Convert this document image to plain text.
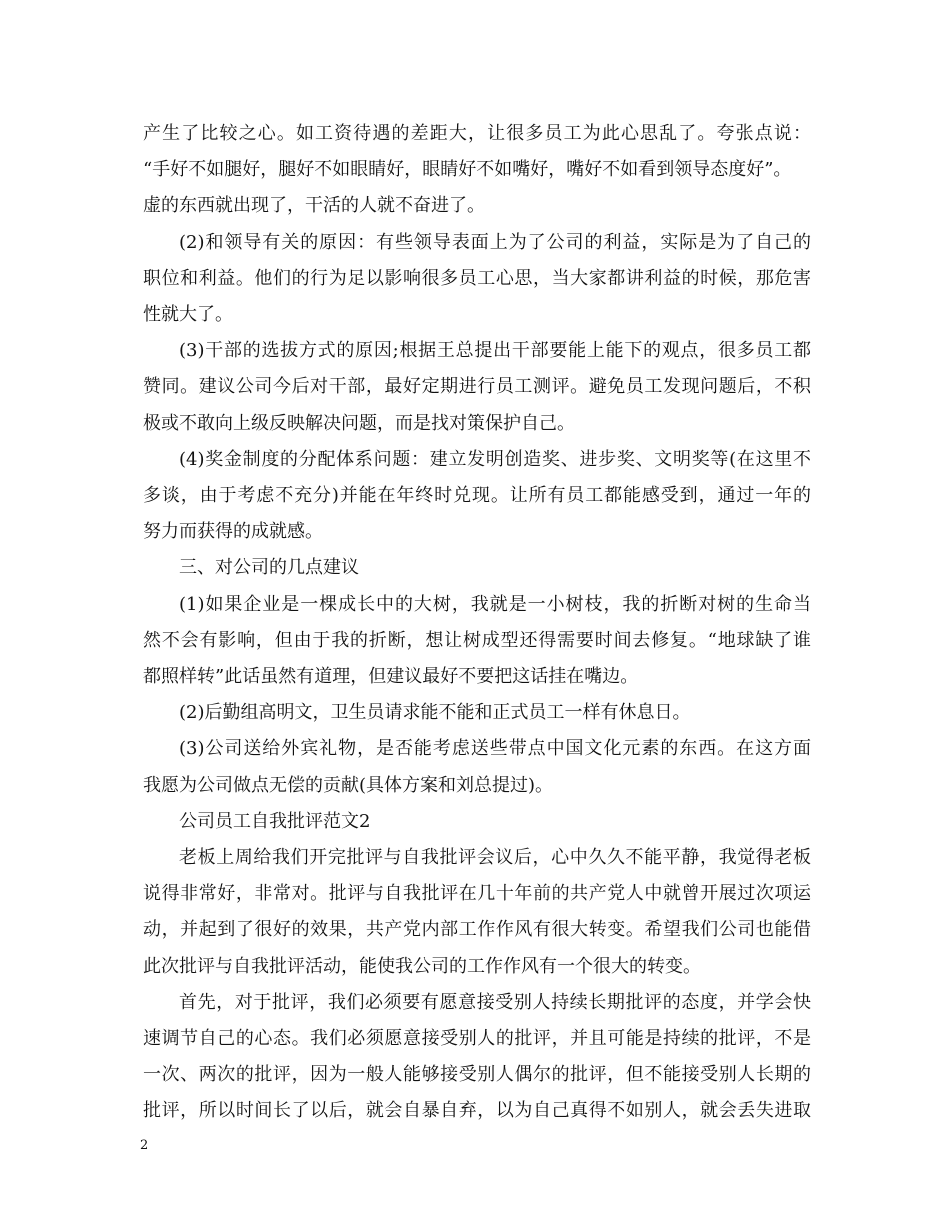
产生了比较之心。如工资待遇的差距大，让很多员工为此心思乱了。夸张点说：
“手好不如腿好，腿好不如眼睛好，眼睛好不如嘴好，嘴好不如看到领导态度好”。
虚的东西就出现了，干活的人就不奋进了。
(2)和领导有关的原因：有些领导表面上为了公司的利益，实际是为了自己的
职位和利益。他们的行为足以影响很多员工心思，当大家都讲利益的时候，那危害
性就大了。
(3)干部的选拔方式的原因;根据王总提出干部要能上能下的观点，很多员工都
赞同。建议公司今后对干部，最好定期进行员工测评。避免员工发现问题后，不积
极或不敢向上级反映解决问题，而是找对策保护自己。
(4)奖金制度的分配体系问题：建立发明创造奖、进步奖、文明奖等(在这里不
多谈，由于考虑不充分)并能在年终时兑现。让所有员工都能感受到，通过一年的
努力而获得的成就感。
三、对公司的几点建议
(1)如果企业是一棵成长中的大树，我就是一小树枝，我的折断对树的生命当
然不会有影响，但由于我的折断，想让树成型还得需要时间去修复。“地球缺了谁
都照样转”此话虽然有道理，但建议最好不要把这话挂在嘴边。
(2)后勤组高明文，卫生员请求能不能和正式员工一样有休息日。
(3)公司送给外宾礼物，是否能考虑送些带点中国文化元素的东西。在这方面
我愿为公司做点无偿的贡献(具体方案和刘总提过)。
公司员工自我批评范文2
老板上周给我们开完批评与自我批评会议后，心中久久不能平静，我觉得老板
说得非常好，非常对。批评与自我批评在几十年前的共产党人中就曾开展过次项运
动，并起到了很好的效果，共产党内部工作作风有很大转变。希望我们公司也能借
此次批评与自我批评活动，能使我公司的工作作风有一个很大的转变。
首先，对于批评，我们必须要有愿意接受别人持续长期批评的态度，并学会快
速调节自己的心态。我们必须愿意接受别人的批评，并且可能是持续的批评，不是
一次、两次的批评，因为一般人能够接受别人偶尔的批评，但不能接受别人长期的
批评，所以时间长了以后，就会自暴自弃，以为自己真得不如别人，就会丢失进取
2
